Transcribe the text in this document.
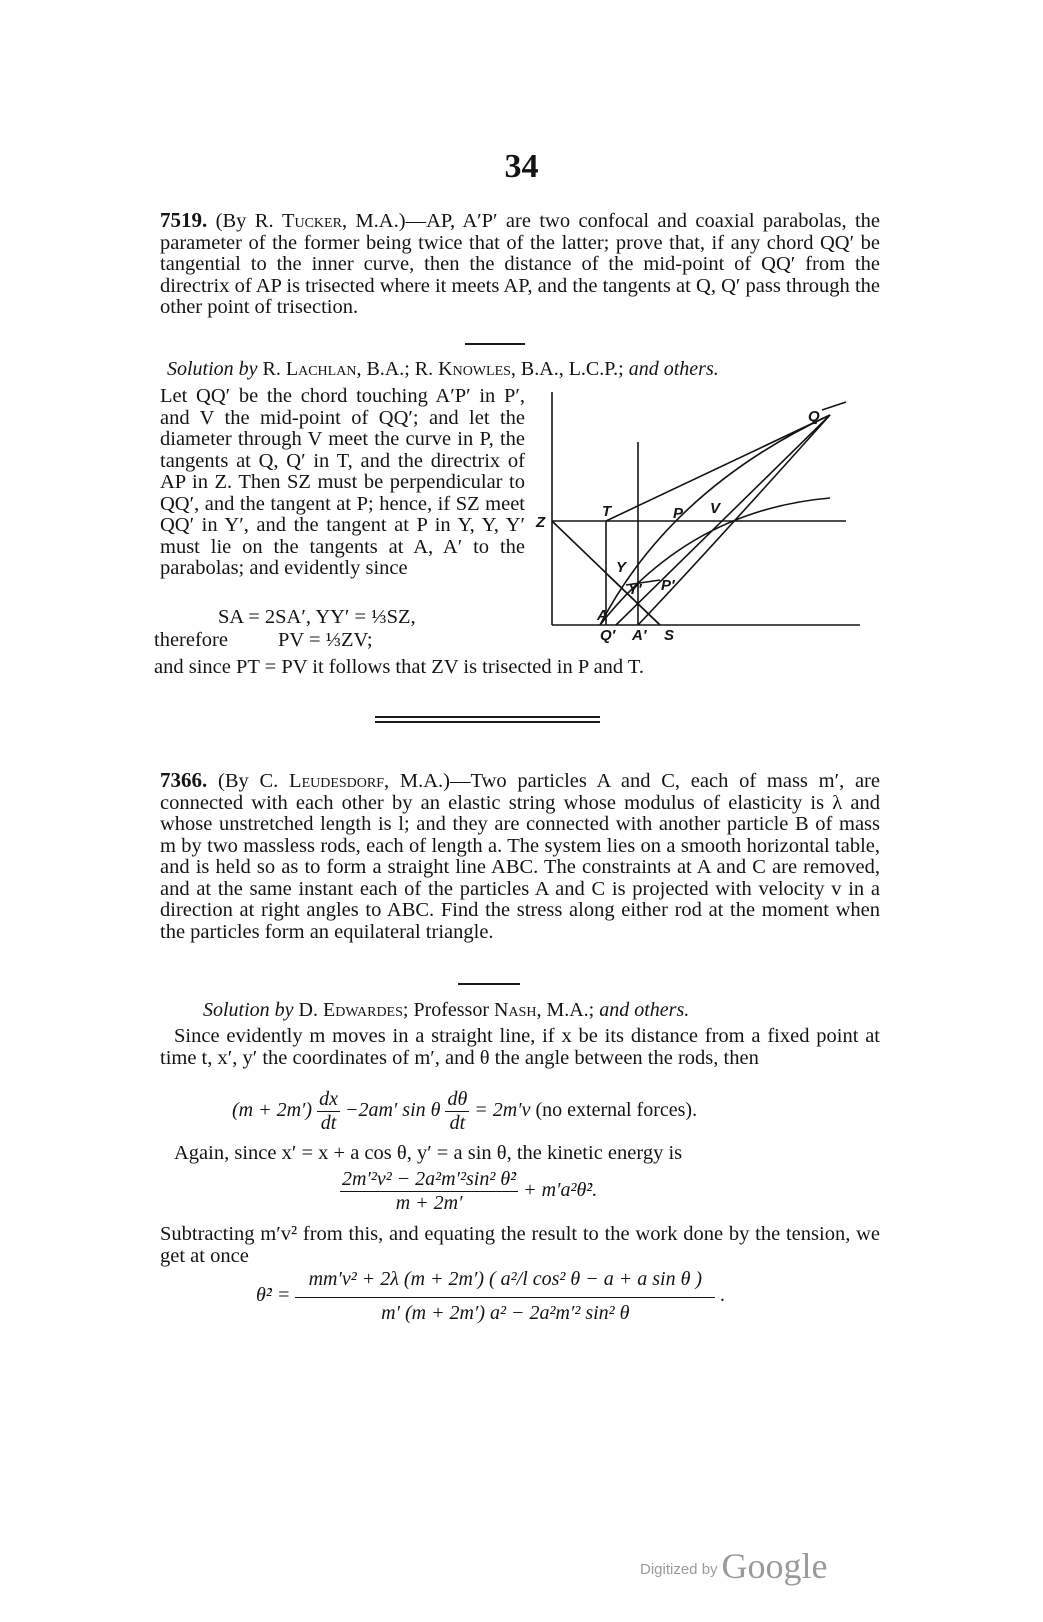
34
7519. (By R. Tucker, M.A.)—AP, A′P′ are two confocal and coaxial parabolas, the parameter of the former being twice that of the latter; prove that, if any chord QQ′ be tangential to the inner curve, then the distance of the mid-point of QQ′ from the directrix of AP is trisected where it meets AP, and the tangents at Q, Q′ pass through the other point of trisection.
Solution by R. Lachlan, B.A.; R. Knowles, B.A., L.C.P.; and others.
Let QQ′ be the chord touching A′P′ in P′, and V the mid-point of QQ′; and let the diameter through V meet the curve in P, the tangents at Q, Q′ in T, and the directrix of AP in Z. Then SZ must be perpendicular to QQ′, and the tangent at P; hence, if SZ meet QQ′ in Y′, and the tangent at P in Y, Y, Y′ must lie on the tangents at A, A′ to the parabolas; and evidently since
SA = 2SA′, YY′ = ⅓SZ,
therefore PV = ⅓ZV;
and since PT = PV it follows that ZV is trisected in P and T.
Q
Z
T	P V
Y
Y′ P′
A
Q′ A′ S
7366. (By C. Leudesdorf, M.A.)—Two particles A and C, each of mass m′, are connected with each other by an elastic string whose modulus of elasticity is λ and whose unstretched length is l; and they are connected with another particle B of mass m by two massless rods, each of length a. The system lies on a smooth horizontal table, and is held so as to form a straight line ABC. The constraints at A and C are removed, and at the same instant each of the particles A and C is projected with velocity v in a direction at right angles to ABC. Find the stress along either rod at the moment when the particles form an equilateral triangle.
Solution by D. Edwardes; Professor Nash, M.A.; and others.
Since evidently m moves in a straight line, if x be its distance from a fixed point at time t, x′, y′ the coordinates of m′, and θ the angle between the rods, then
$(m + 2m') \frac{dx}{dt} -2am'$ sin θ $\frac{d\theta}{dt} = 2m'v$ (no external forces).
Again, since x′ = x + a cos θ, y′ = a sin θ, the kinetic energy is
$\frac{\text{2m′²v² − 2a²m′²sin² θ̇²}}{m + 2m'}$ + m′a²θ̇².
Subtracting m′v² from this, and equating the result to the work done by the tension, we get at once
θ̇² = $\frac{\text{mm′v² + 2λ (m + 2m′) ( a²/l cos² θ − a + a sin θ )}}{\text{m′ (m + 2m′) a² − 2a²m′² sin² θ}}$ .
Digitized by Google
